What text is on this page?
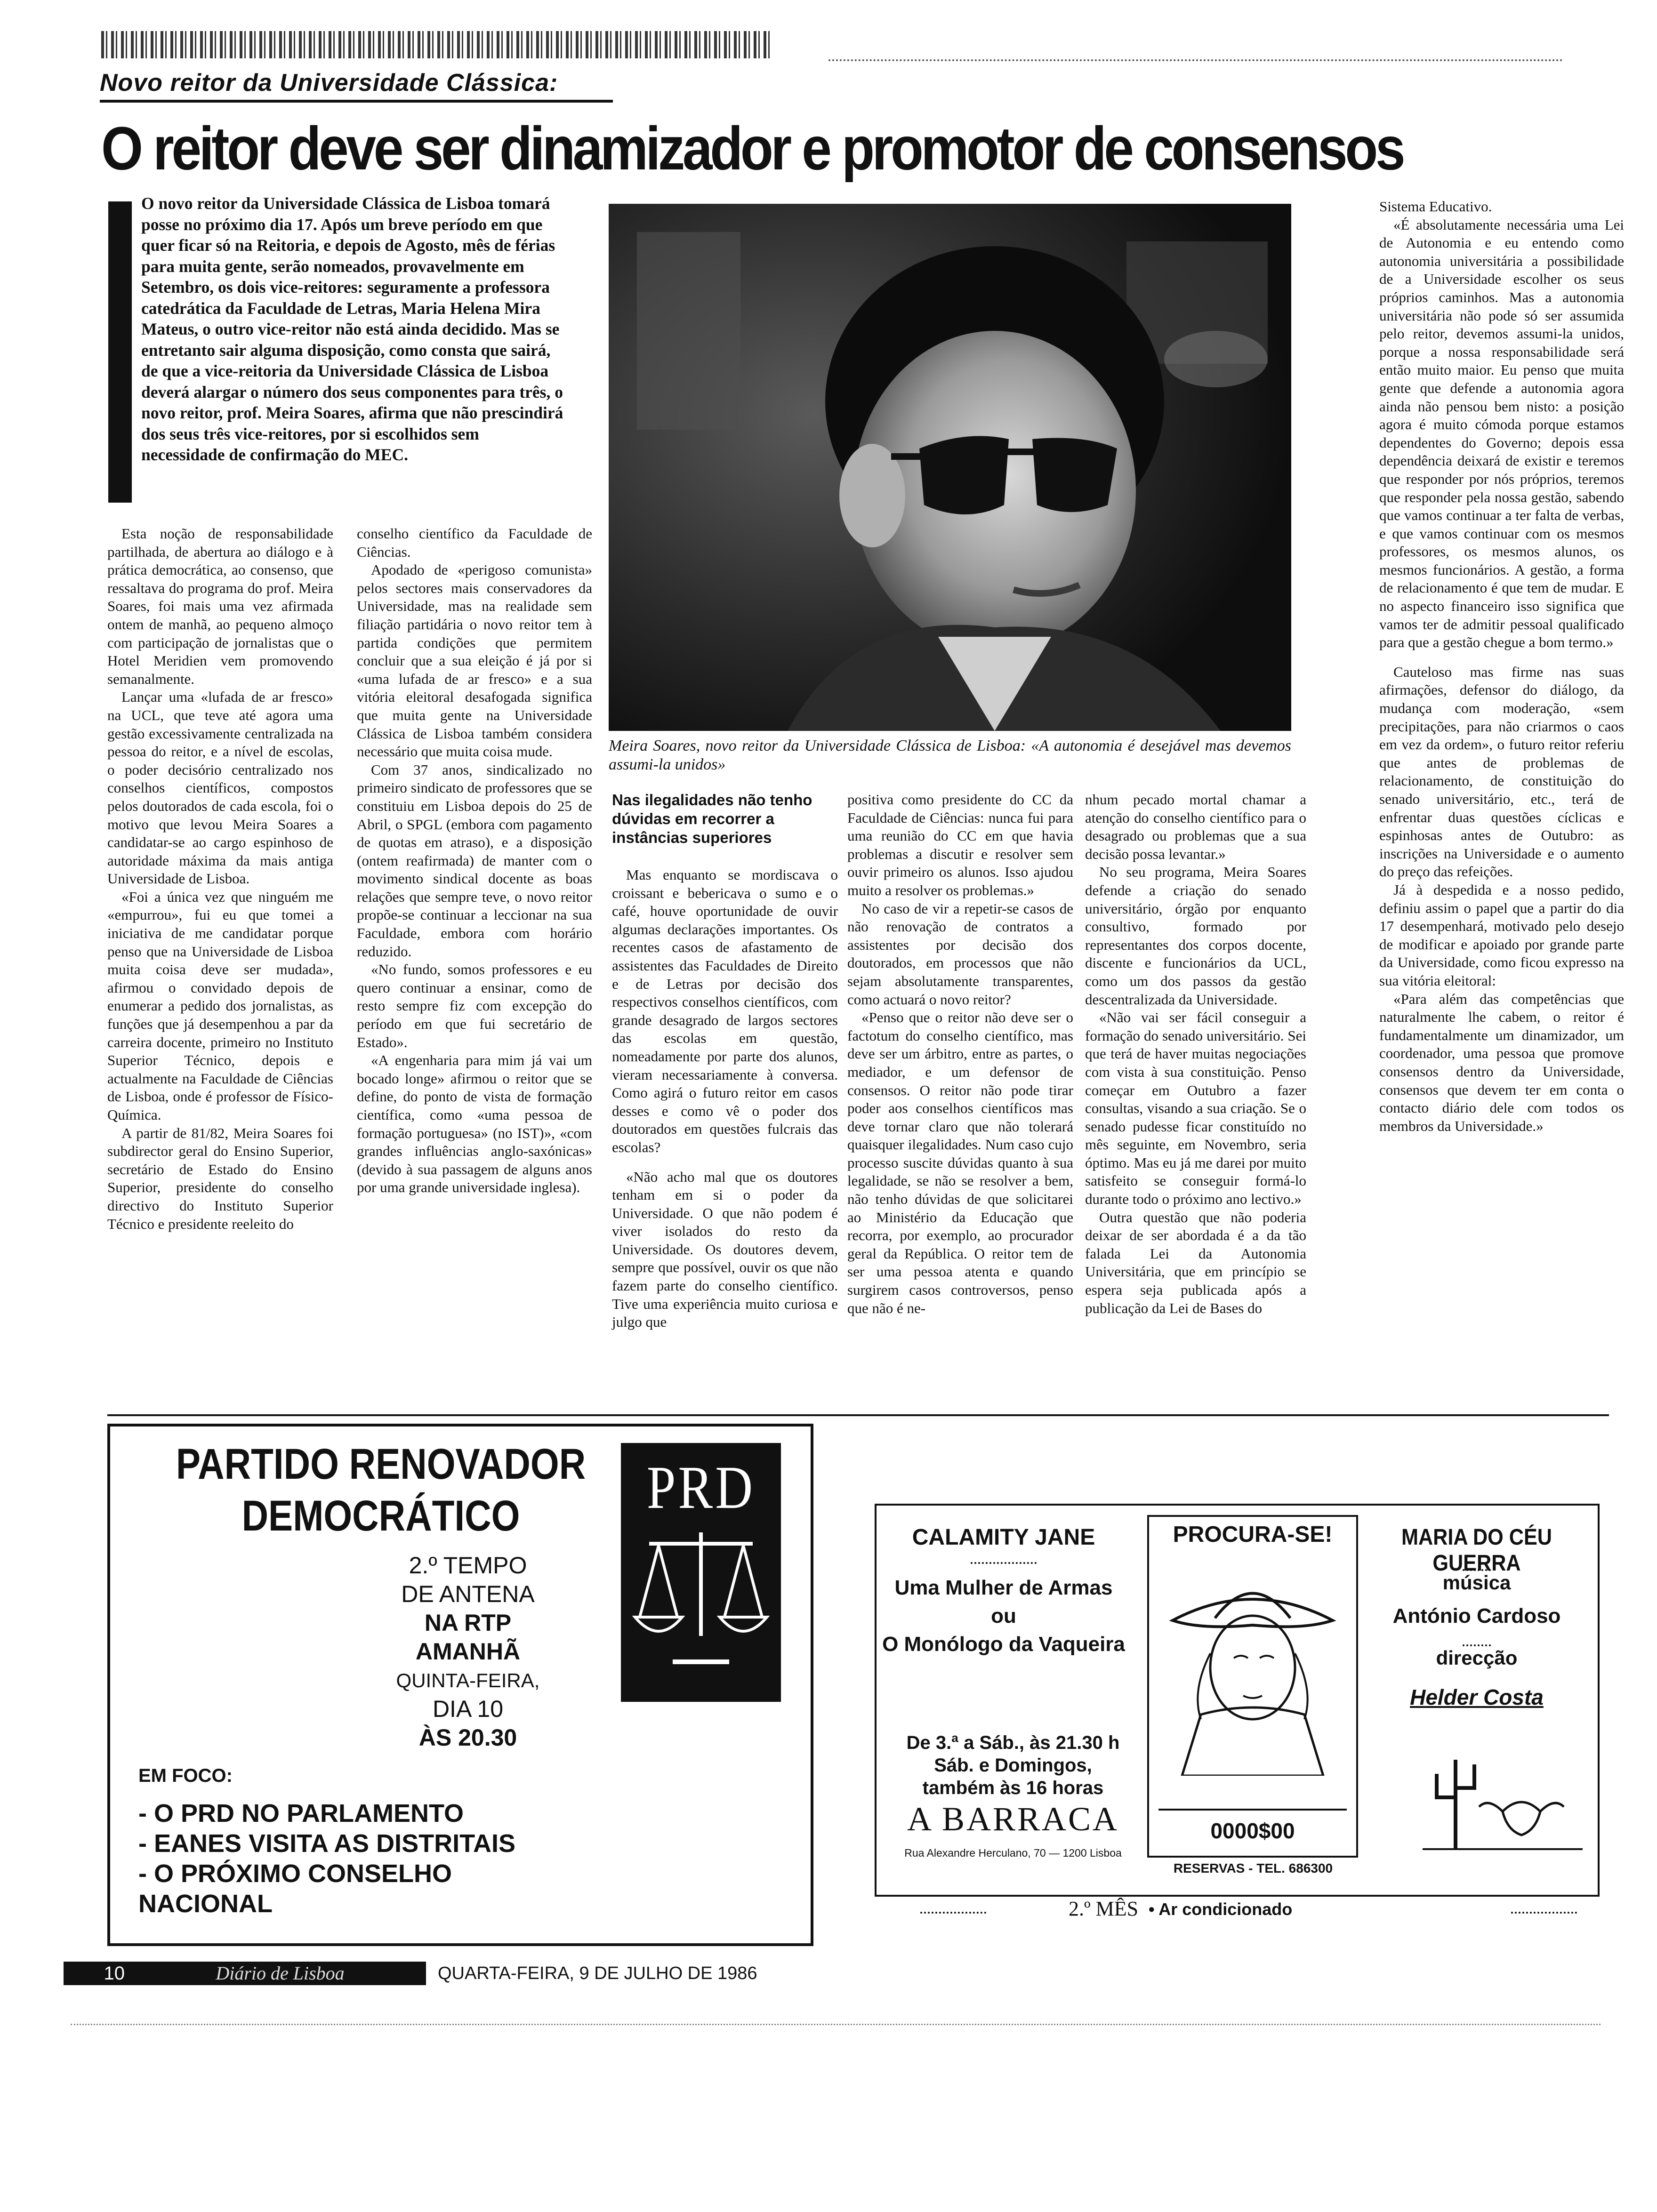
Novo reitor da Universidade Clássica:
O reitor deve ser dinamizador e promotor de consensos
O novo reitor da Universidade Clássica de Lisboa tomará posse no próximo dia 17. Após um breve período em que quer ficar só na Reitoria, e depois de Agosto, mês de férias para muita gente, serão nomeados, provavelmente em Setembro, os dois vice-reitores: seguramente a professora catedrática da Faculdade de Letras, Maria Helena Mira Mateus, o outro vice-reitor não está ainda decidido. Mas se entretanto sair alguma disposição, como consta que sairá, de que a vice-reitoria da Universidade Clássica de Lisboa deverá alargar o número dos seus componentes para três, o novo reitor, prof. Meira Soares, afirma que não prescindirá dos seus três vice-reitores, por si escolhidos sem necessidade de confirmação do MEC.
Meira Soares, novo reitor da Universidade Clássica de Lisboa: «A autonomia é desejável mas devemos assumi-la unidos»

Esta noção de responsabilidade partilhada, de abertura ao diálogo e à prática democrática, ao consenso, que ressaltava do programa do prof. Meira Soares, foi mais uma vez afirmada ontem de manhã, ao pequeno almoço com participação de jornalistas que o Hotel Meridien vem promovendo semanalmente.

Lançar uma «lufada de ar fresco» na UCL, que teve até agora uma gestão excessivamente centralizada na pessoa do reitor, e a nível de escolas, o poder decisório centralizado nos conselhos científicos, compostos pelos doutorados de cada escola, foi o motivo que levou Meira Soares a candidatar-se ao cargo espinhoso de autoridade máxima da mais antiga Universidade de Lisboa.

«Foi a única vez que ninguém me «empurrou», fui eu que tomei a iniciativa de me candidatar porque penso que na Universidade de Lisboa muita coisa deve ser mudada», afirmou o convidado depois de enumerar a pedido dos jornalistas, as funções que já desempenhou a par da carreira docente, primeiro no Instituto Superior Técnico, depois e actualmente na Faculdade de Ciências de Lisboa, onde é professor de Físico-Química.

A partir de 81/82, Meira Soares foi subdirector geral do Ensino Superior, secretário de Estado do Ensino Superior, presidente do conselho directivo do Instituto Superior Técnico e presidente reeleito do

conselho científico da Faculdade de Ciências.

Apodado de «perigoso comunista» pelos sectores mais conservadores da Universidade, mas na realidade sem filiação partidária o novo reitor tem à partida condições que permitem concluir que a sua eleição é já por si «uma lufada de ar fresco» e a sua vitória eleitoral desafogada significa que muita gente na Universidade Clássica de Lisboa também considera necessário que muita coisa mude.

Com 37 anos, sindicalizado no primeiro sindicato de professores que se constituiu em Lisboa depois do 25 de Abril, o SPGL (embora com pagamento de quotas em atraso), e a disposição (ontem reafirmada) de manter com o movimento sindical docente as boas relações que sempre teve, o novo reitor propõe-se continuar a leccionar na sua Faculdade, embora com horário reduzido.

«No fundo, somos professores e eu quero continuar a ensinar, como de resto sempre fiz com excepção do período em que fui secretário de Estado».

«A engenharia para mim já vai um bocado longe» afirmou o reitor que se define, do ponto de vista de formação científica, como «uma pessoa de formação portuguesa» (no IST)», «com grandes influências anglo-saxónicas» (devido à sua passagem de alguns anos por uma grande universidade inglesa).

Nas ilegalidades não tenho dúvidas em recorrer a instâncias superiores

Mas enquanto se mordiscava o croissant e bebericava o sumo e o café, houve oportunidade de ouvir algumas declarações importantes. Os recentes casos de afastamento de assistentes das Faculdades de Direito e de Letras por decisão dos respectivos conselhos científicos, com grande desagrado de largos sectores das escolas em questão, nomeadamente por parte dos alunos, vieram necessariamente à conversa. Como agirá o futuro reitor em casos desses e como vê o poder dos doutorados em questões fulcrais das escolas?

«Não acho mal que os doutores tenham em si o poder da Universidade. O que não podem é viver isolados do resto da Universidade. Os doutores devem, sempre que possível, ouvir os que não fazem parte do conselho científico. Tive uma experiência muito curiosa e julgo que

positiva como presidente do CC da Faculdade de Ciências: nunca fui para uma reunião do CC em que havia problemas a discutir e resolver sem ouvir primeiro os alunos. Isso ajudou muito a resolver os problemas.»

No caso de vir a repetir-se casos de não renovação de contratos a assistentes por decisão dos doutorados, em processos que não sejam absolutamente transparentes, como actuará o novo reitor?

«Penso que o reitor não deve ser o factotum do conselho científico, mas deve ser um árbitro, entre as partes, o mediador, e um defensor de consensos. O reitor não pode tirar poder aos conselhos científicos mas deve tornar claro que não tolerará quaisquer ilegalidades. Num caso cujo processo suscite dúvidas quanto à sua legalidade, se não se resolver a bem, não tenho dúvidas de que solicitarei ao Ministério da Educação que recorra, por exemplo, ao procurador geral da República. O reitor tem de ser uma pessoa atenta e quando surgirem casos controversos, penso que não é ne-

nhum pecado mortal chamar a atenção do conselho científico para o desagrado ou problemas que a sua decisão possa levantar.»

No seu programa, Meira Soares defende a criação do senado universitário, órgão por enquanto consultivo, formado por representantes dos corpos docente, discente e funcionários da UCL, como um dos passos da gestão descentralizada da Universidade.

«Não vai ser fácil conseguir a formação do senado universitário. Sei que terá de haver muitas negociações com vista à sua constituição. Penso começar em Outubro a fazer consultas, visando a sua criação. Se o senado pudesse ficar constituído no mês seguinte, em Novembro, seria óptimo. Mas eu já me darei por muito satisfeito se conseguir formá-lo durante todo o próximo ano lectivo.»

Outra questão que não poderia deixar de ser abordada é a da tão falada Lei da Autonomia Universitária, que em princípio se espera seja publicada após a publicação da Lei de Bases do

Sistema Educativo.

«É absolutamente necessária uma Lei de Autonomia e eu entendo como autonomia universitária a possibilidade de a Universidade escolher os seus próprios caminhos. Mas a autonomia universitária não pode só ser assumida pelo reitor, devemos assumi-la unidos, porque a nossa responsabilidade será então muito maior. Eu penso que muita gente que defende a autonomia agora ainda não pensou bem nisto: a posição agora é muito cómoda porque estamos dependentes do Governo; depois essa dependência deixará de existir e teremos que responder por nós próprios, teremos que responder pela nossa gestão, sabendo que vamos continuar a ter falta de verbas, e que vamos continuar com os mesmos professores, os mesmos alunos, os mesmos funcionários. A gestão, a forma de relacionamento é que tem de mudar. E no aspecto financeiro isso significa que vamos ter de admitir pessoal qualificado para que a gestão chegue a bom termo.»

Cauteloso mas firme nas suas afirmações, defensor do diálogo, da mudança com moderação, «sem precipitações, para não criarmos o caos em vez da ordem», o futuro reitor referiu que antes de problemas de relacionamento, de constituição do senado universitário, etc., terá de enfrentar duas questões cíclicas e espinhosas antes de Outubro: as inscrições na Universidade e o aumento do preço das refeições.

Já à despedida e a nosso pedido, definiu assim o papel que a partir do dia 17 desempenhará, motivado pelo desejo de modificar e apoiado por grande parte da Universidade, como ficou expresso na sua vitória eleitoral:

«Para além das competências que naturalmente lhe cabem, o reitor é fundamentalmente um dinamizador, um coordenador, uma pessoa que promove consensos dentro da Universidade, consensos que devem ter em conta o contacto diário dele com todos os membros da Universidade.»

PARTIDO RENOVADOR
DEMOCRÁTICO	PRD
2.º TEMPO
DE ANTENA
NA RTP
AMANHÃ
QUINTA-FEIRA,
DIA 10
ÀS 20.30
EM FOCO:
- O PRD NO PARLAMENTO
- EANES VISITA AS DISTRITAIS
- O PRÓXIMO CONSELHO
NACIONAL
CALAMITY JANE
Uma Mulher de Armas
ou
O Monólogo da Vaqueira
PROCURA-SE!
0000$00
MARIA DO CÉU GUERRA
música
António Cardoso
direcção
Helder Costa
De 3.ª a Sáb., às 21.30 h
Sáb. e Domingos,
também às 16 horas
A BARRACA
Rua Alexandre Herculano, 70 — 1200 Lisboa
RESERVAS - TEL. 686300
2.º MÊS • Ar condicionado
10	Diário de Lisboa	QUARTA-FEIRA, 9 DE JULHO DE 1986
